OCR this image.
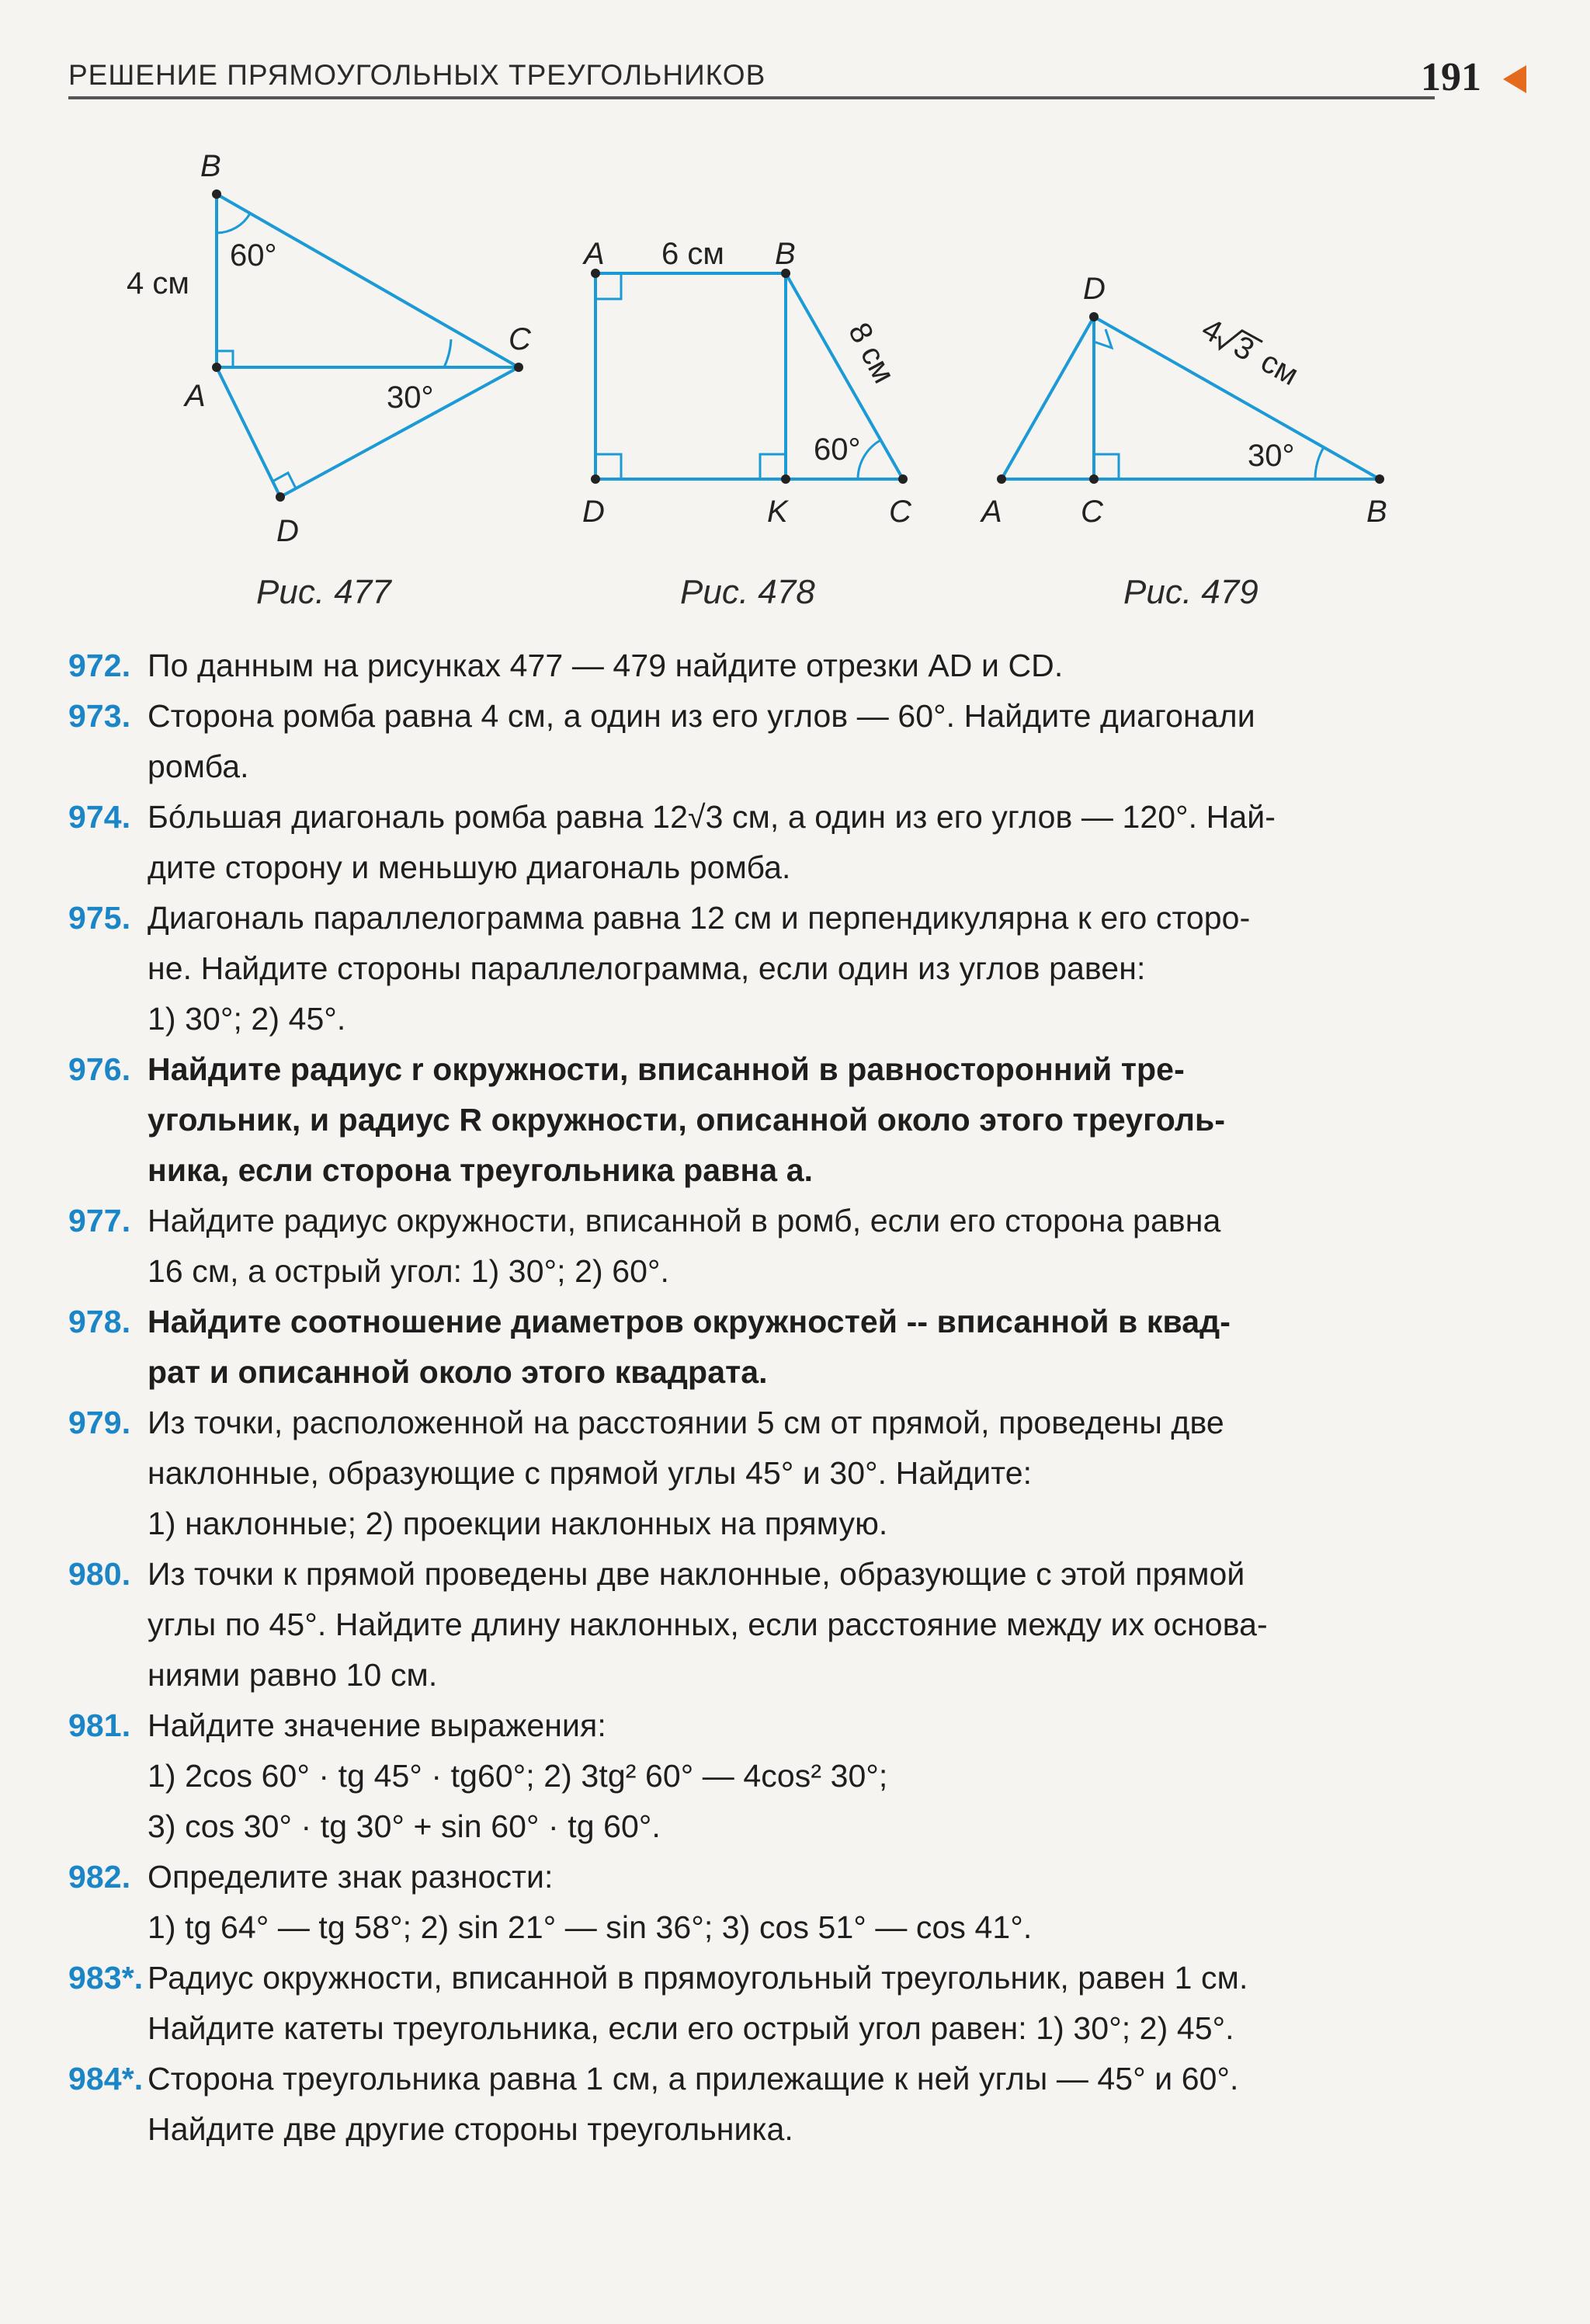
РЕШЕНИЕ ПРЯМОУГОЛЬНЫХ ТРЕУГОЛЬНИКОВ	191
B
A
C
D
4 см
60°
30°
A	B
C
D	K
6 см
8 см
60°
D
A	C	B
4 3
см
30°
Рис. 477	Рис. 478	Рис. 479
972. По данным на рисунках 477 — 479 найдите отрезки AD и CD.
973. Сторона ромба равна 4 см, а один из его углов — 60°. Найдите диагонали
ромба.
974. Бóльшая диагональ ромба равна 12√3 см, а один из его углов — 120°. Най-
дите сторону и меньшую диагональ ромба.
975. Диагональ параллелограмма равна 12 см и перпендикулярна к его сторо-
не. Найдите стороны параллелограмма, если один из углов равен:
1) 30°; 2) 45°.
976. Найдите радиус r окружности, вписанной в равносторонний тре-
угольник, и радиус R окружности, описанной около этого треуголь-
ника, если сторона треугольника равна a.
977. Найдите радиус окружности, вписанной в ромб, если его сторона равна
16 см, а острый угол: 1) 30°; 2) 60°.
978. Найдите соотношение диаметров окружностей -- вписанной в квад-
рат и описанной около этого квадрата.
979. Из точки, расположенной на расстоянии 5 см от прямой, проведены две
наклонные, образующие с прямой углы 45° и 30°. Найдите:
1) наклонные; 2) проекции наклонных на прямую.
980. Из точки к прямой проведены две наклонные, образующие с этой прямой
углы по 45°. Найдите длину наклонных, если расстояние между их основа-
ниями равно 10 см.
981. Найдите значение выражения:
1) 2cos 60° · tg 45° · tg60°; 2) 3tg² 60° — 4cos² 30°;
3) cos 30° · tg 30° + sin 60° · tg 60°.
982. Определите знак разности:
1) tg 64° — tg 58°; 2) sin 21° — sin 36°; 3) cos 51° — cos 41°.
983*. Радиус окружности, вписанной в прямоугольный треугольник, равен 1 см.
Найдите катеты треугольника, если его острый угол равен: 1) 30°; 2) 45°.
984*. Сторона треугольника равна 1 см, а прилежащие к ней углы — 45° и 60°.
Найдите две другие стороны треугольника.
